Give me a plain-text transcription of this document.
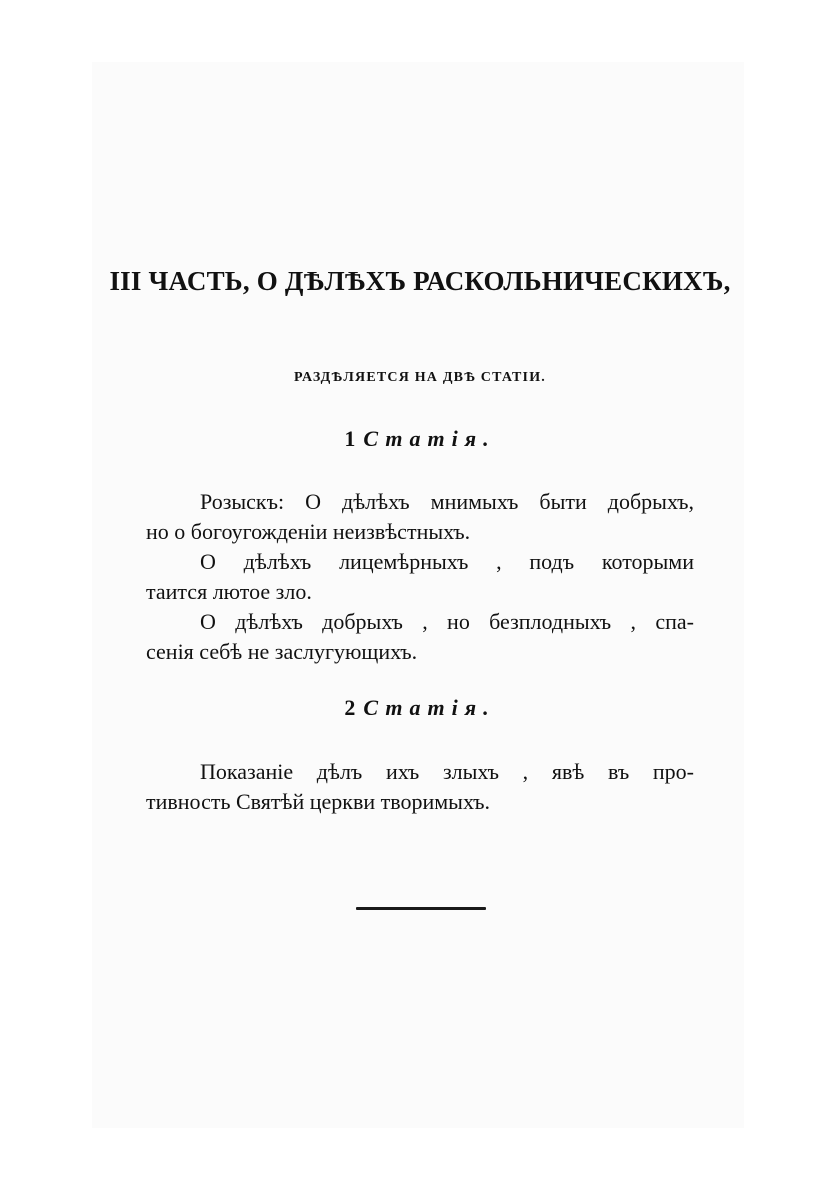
III ЧАСТЬ, О ДѢЛѢХЪ РАСКОЛЬНИЧЕСКИХЪ,
РАЗДѢЛЯЕТСЯ НА ДВѢ СТАТІИ.
1 Статія.
Розыскъ: О дѣлѣхъ мнимыхъ быти добрыхъ,
но о богоугожденіи неизвѣстныхъ.
О дѣлѣхъ лицемѣрныхъ , подъ которыми
таится лютое зло.
О дѣлѣхъ добрыхъ , но безплодныхъ , спа-
сенія себѣ не заслугующихъ.
2 Статія.
Показаніе дѣлъ ихъ злыхъ , явѣ въ про-
тивность Святѣй церкви творимыхъ.
